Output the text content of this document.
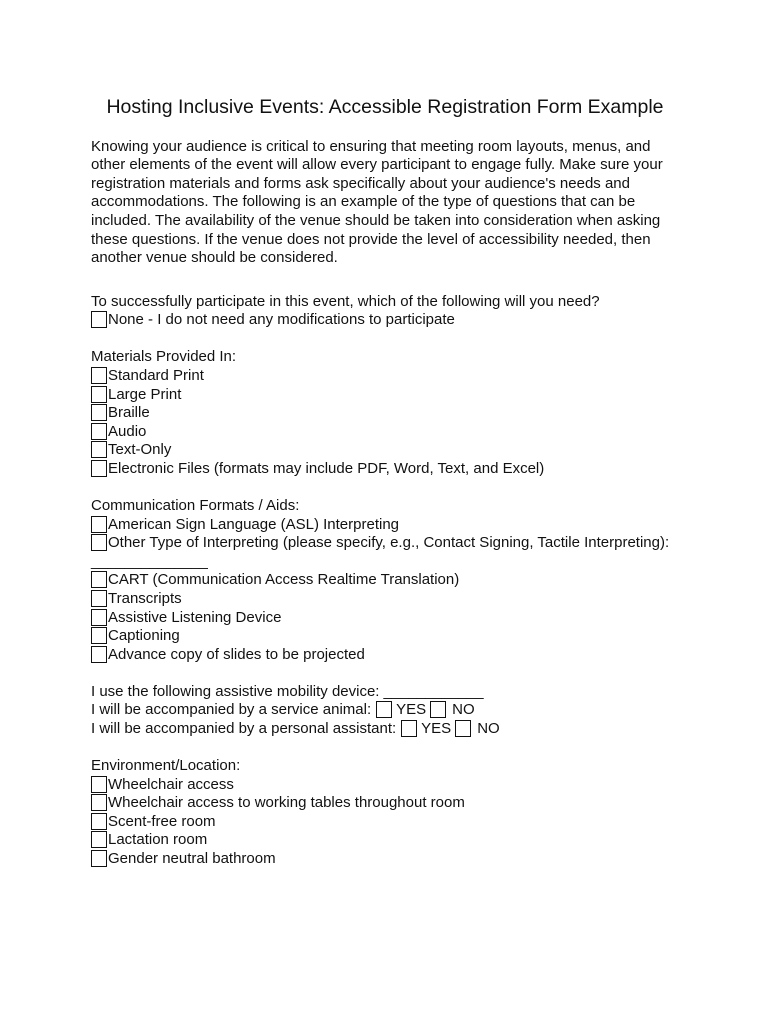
Hosting Inclusive Events: Accessible Registration Form Example
Knowing your audience is critical to ensuring that meeting room layouts, menus, and
other elements of the event will allow every participant to engage fully. Make sure your
registration materials and forms ask specifically about your audience's needs and
accommodations. The following is an example of the type of questions that can be
included. The availability of the venue should be taken into consideration when asking
these questions. If the venue does not provide the level of accessibility needed, then
another venue should be considered.
To successfully participate in this event, which of the following will you need?
None - I do not need any modifications to participate
Materials Provided In:
Standard Print
Large Print
Braille
Audio
Text-Only
Electronic Files (formats may include PDF, Word, Text, and Excel)
Communication Formats / Aids:
American Sign Language (ASL) Interpreting
Other Type of Interpreting (please specify, e.g., Contact Signing, Tactile Interpreting):
______________
CART (Communication Access Realtime Translation)
Transcripts
Assistive Listening Device
Captioning
Advance copy of slides to be projected
I use the following assistive mobility device: ____________
I will be accompanied by a service animal: YES NO
I will be accompanied by a personal assistant: YES NO
Environment/Location:
Wheelchair access
Wheelchair access to working tables throughout room
Scent-free room
Lactation room
Gender neutral bathroom
